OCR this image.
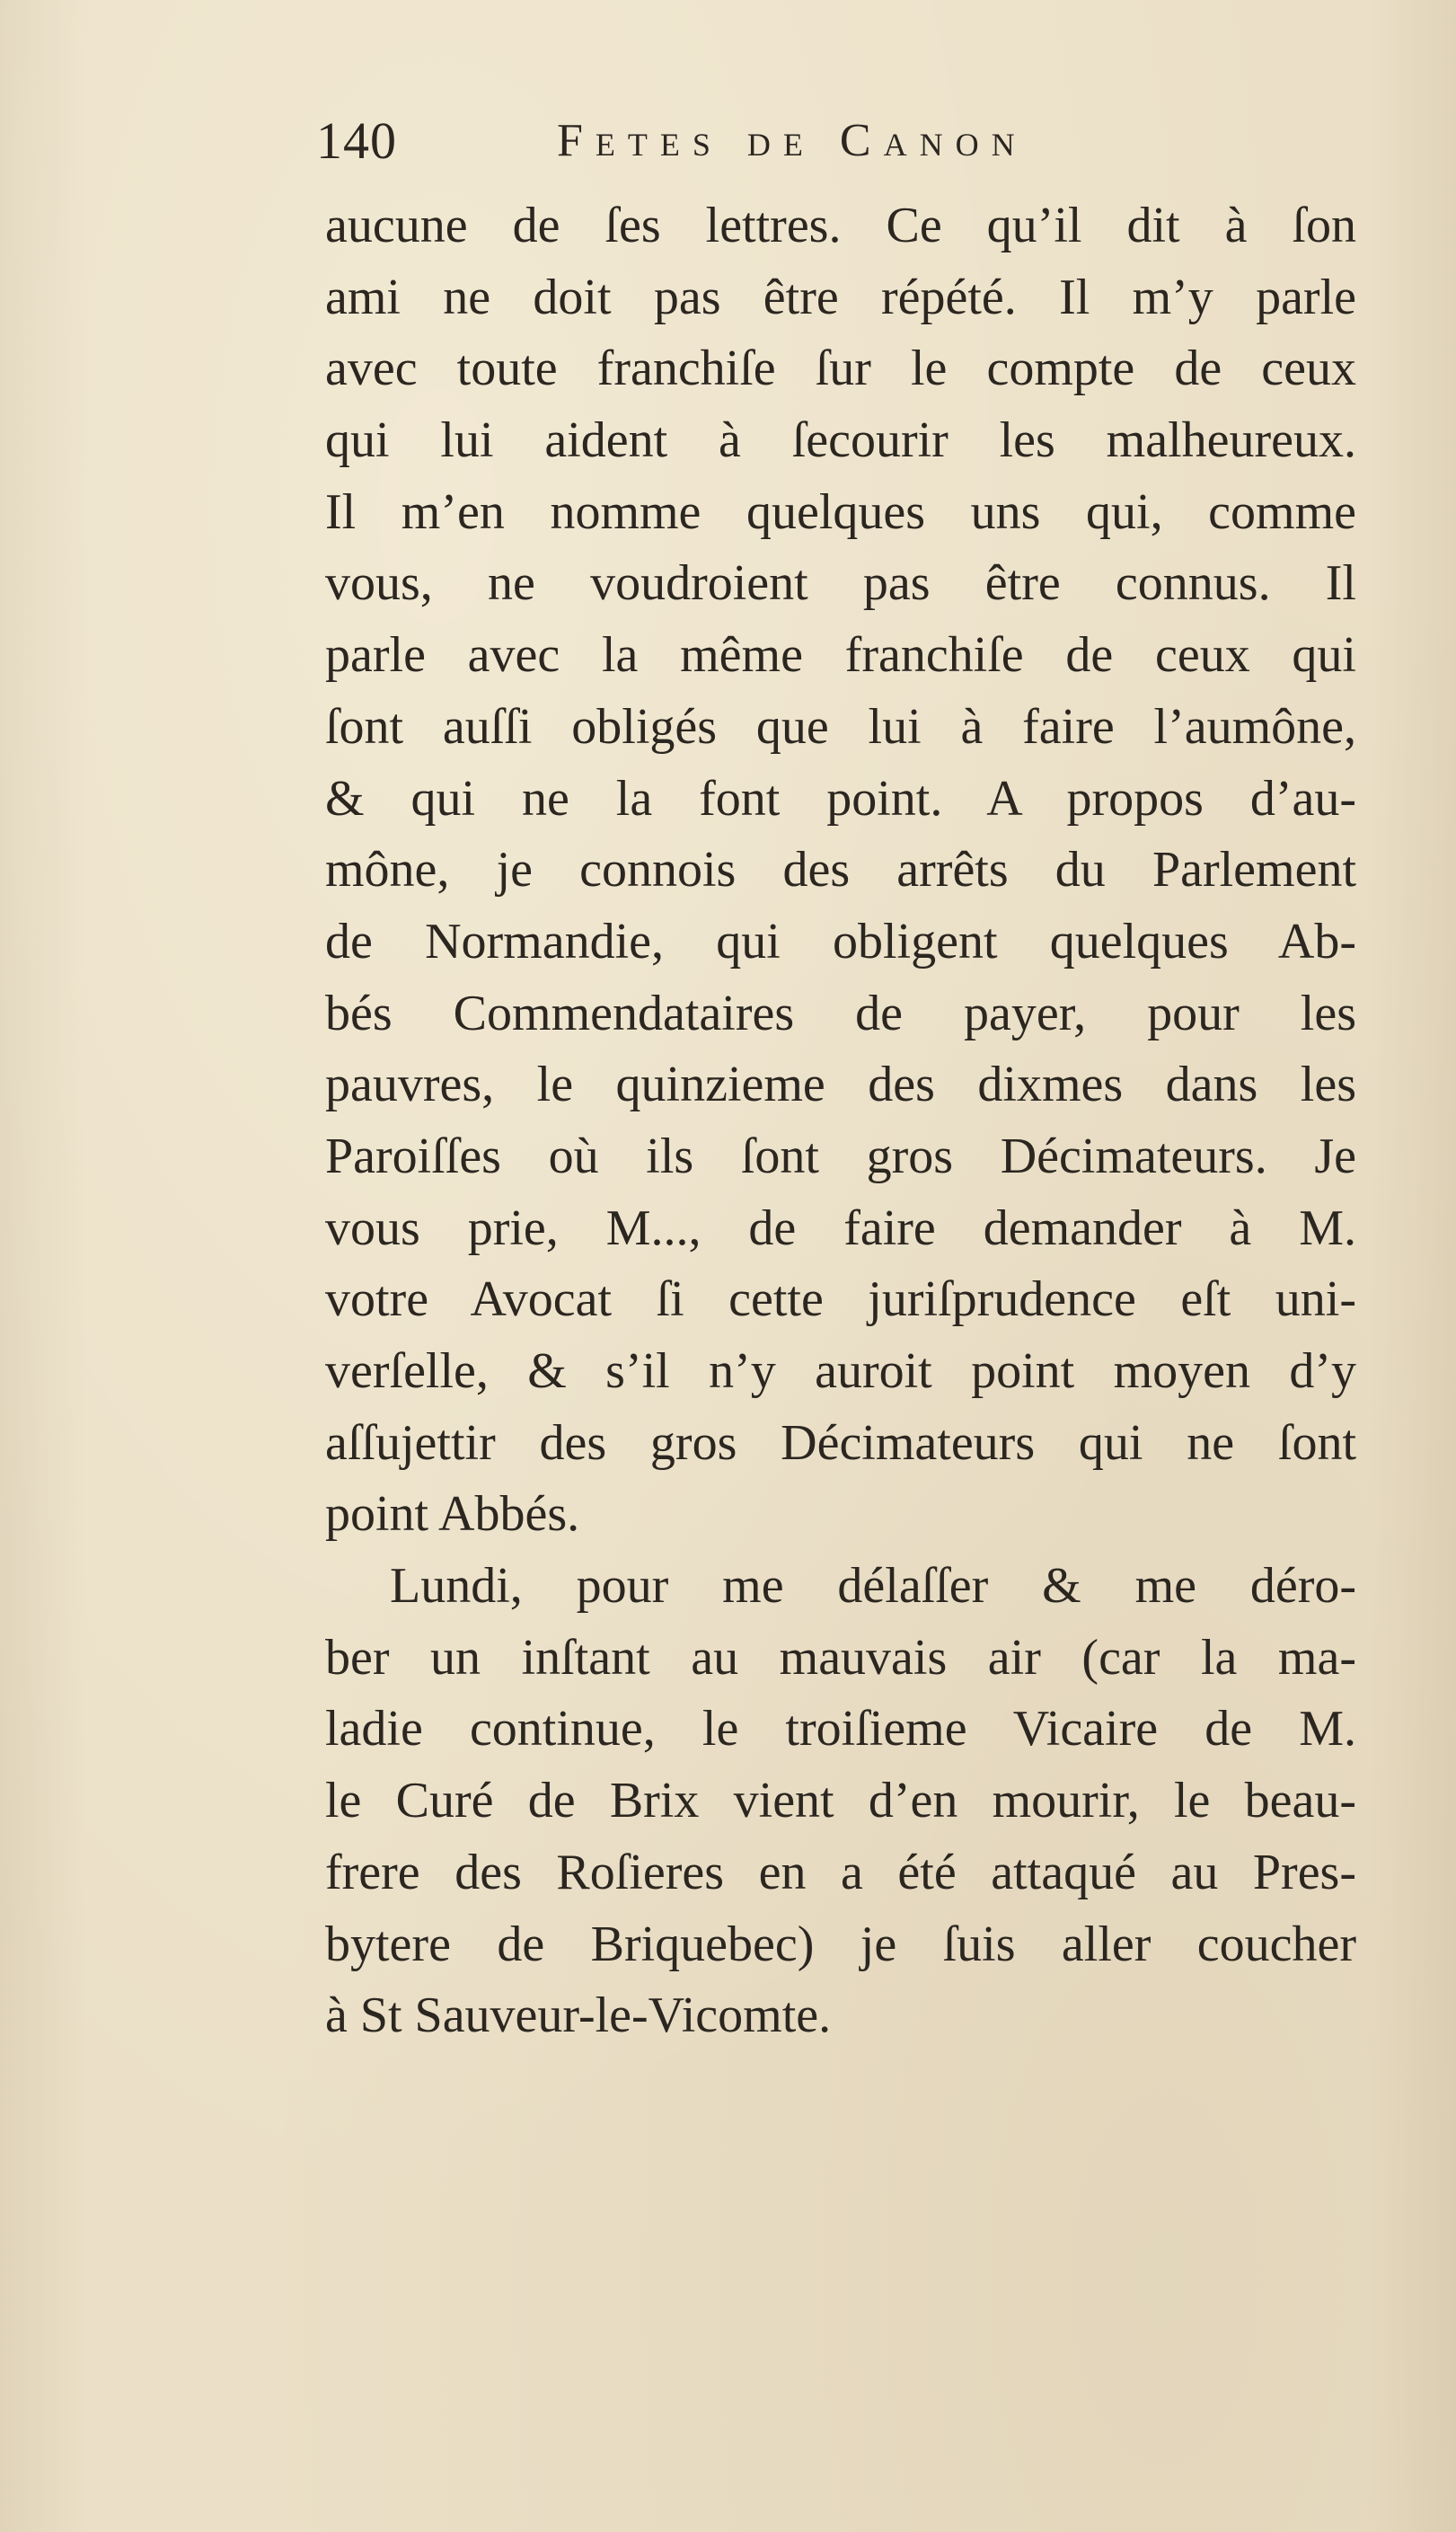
140	Fetes de Canon
aucune de ſes lettres. Ce qu’il dit à ſon
ami ne doit pas être répété. Il m’y parle
avec toute franchiſe ſur le compte de ceux
qui lui aident à ſecourir les malheureux.
Il m’en nomme quelques uns qui, comme
vous, ne voudroient pas être connus. Il
parle avec la même franchiſe de ceux qui
ſont auſſi obligés que lui à faire l’aumône,
& qui ne la font point. A propos d’au-
mône, je connois des arrêts du Parlement
de Normandie, qui obligent quelques Ab-
bés Commendataires de payer, pour les
pauvres, le quinzieme des dixmes dans les
Paroiſſes où ils ſont gros Décimateurs. Je
vous prie, M..., de faire demander à M.
votre Avocat ſi cette juriſprudence eſt uni-
verſelle, & s’il n’y auroit point moyen d’y
aſſujettir des gros Décimateurs qui ne ſont
point Abbés.
Lundi, pour me délaſſer & me déro-
ber un inſtant au mauvais air (car la ma-
ladie continue, le troiſieme Vicaire de M.
le Curé de Brix vient d’en mourir, le beau-
frere des Roſieres en a été attaqué au Pres-
bytere de Briquebec) je ſuis aller coucher
à St Sauveur-le-Vicomte.
